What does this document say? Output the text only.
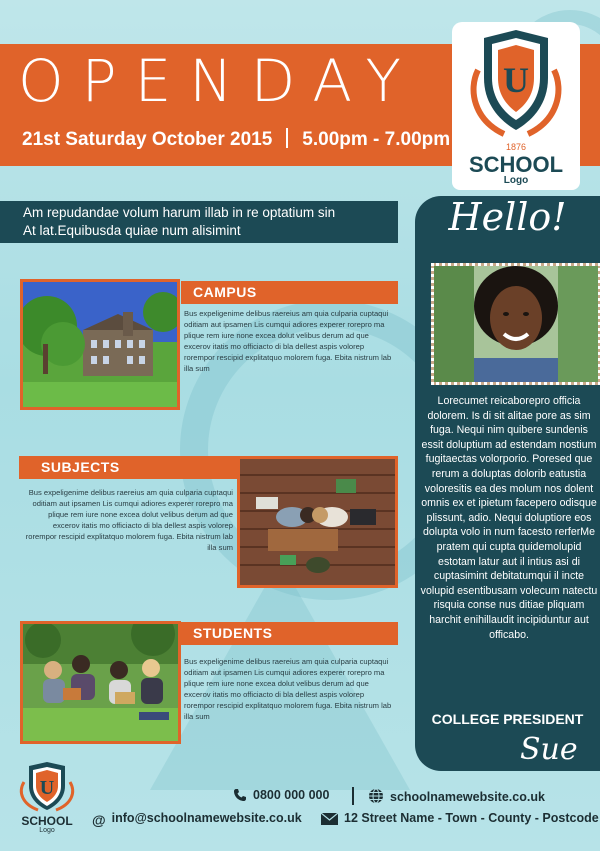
OPENDAY
21st Saturday October 2015 5.00pm - 7.00pm
U
1876
SCHOOL
Logo
Am repudandae volum harum illab in re optatium sin
At lat.Equibusda quiae num alisimint
CAMPUS
Bus expeligenime delibus raereius am quia culparia cuptaqui oditiam aut ipsamen Lis cumqui adiores experer rorepro ma plique rem iure none excea dolut velibus derum ad que excerov itatis mo officiacto di bla dellest aspis volorep rorempor rescipid explitatquo molorem fuga. Ebita nistrum lab illa sum
SUBJECTS
Bus expeligenime delibus raereius am quia culparia cuptaqui oditiam aut ipsamen Lis cumqui adiores experer rorepro ma plique rem iure none excea dolut velibus derum ad que excerov itatis mo officiacto di bla dellest aspis volorep rorempor rescipid explitatquo molorem fuga. Ebita nistrum lab illa sum
STUDENTS
Bus expeligenime delibus raereius am quia culparia cuptaqui oditiam aut ipsamen Lis cumqui adiores experer rorepro ma plique rem iure none excea dolut velibus derum ad que excerov itatis mo officiacto di bla dellest aspis volorep rorempor rescipid explitatquo molorem fuga. Ebita nistrum lab illa sum
Hello!
Lorecumet reicaborepro officia dolorem. Is di sit alitae pore as sim fuga. Nequi nim quibere sundenis essit doluptium ad estendam nostium fugitaectas volorporio. Poresed que rerum a doluptas dolorib eatustia voloresitis ea des molum nos dolent omnis ex et ipietum facepero odisque plissunt, adio. Nequi doluptiore eos dolupta volo in num facesto rerferMe pratem qui cupta quidemolupid estotam latur aut il intius asi di cuptasimint debitatumqui il incte volupid esentibusam volecum natectu risquia conse nus ditiae pliquam harchit enihillaudit incipiduntur aut officabo.
COLLEGE PRESIDENT
Sue
U
SCHOOL
Logo
0800 000 000	schoolnamewebsite.co.uk
@ info@schoolnamewebsite.co.uk	12 Street Name - Town - County - Postcode
